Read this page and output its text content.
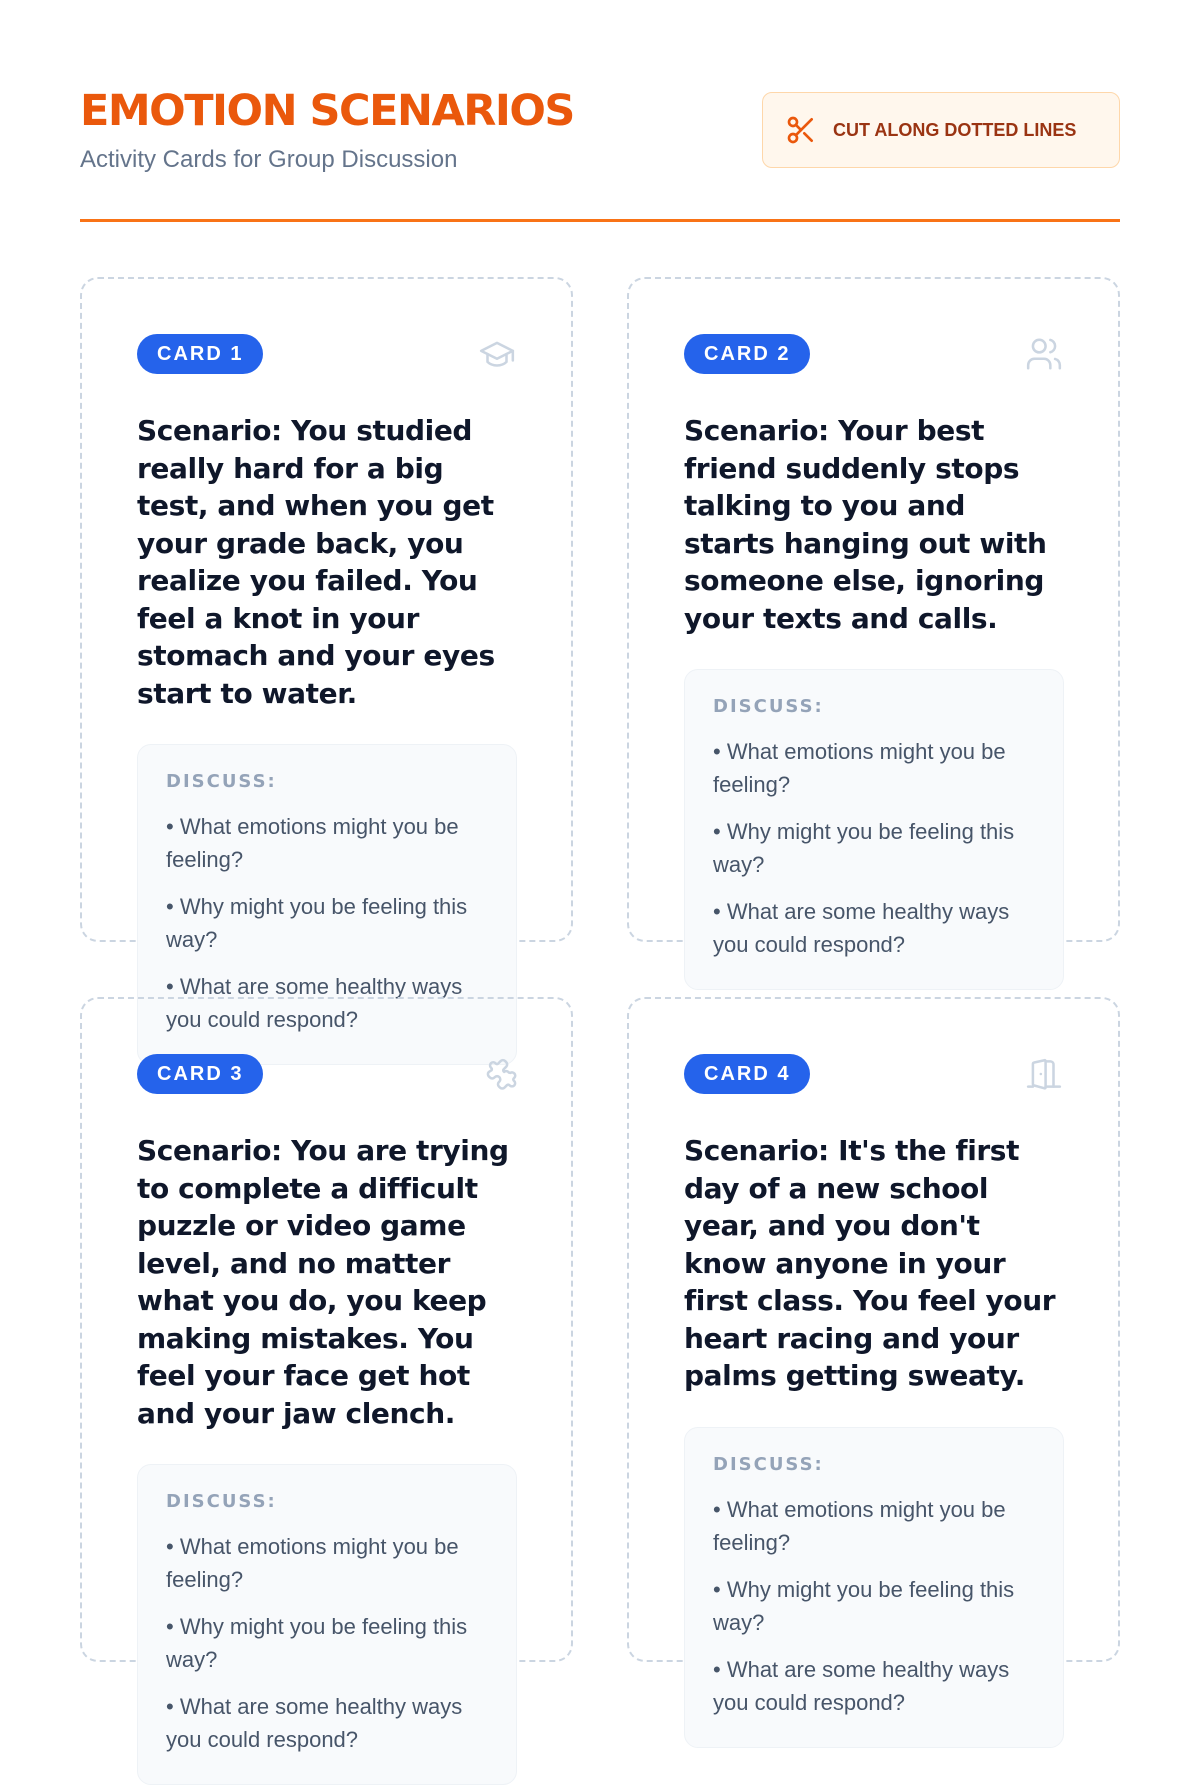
EMOTION SCENARIOS
Activity Cards for Group Discussion
CUT ALONG DOTTED LINES
CARD 1
Scenario: You studied really hard for a big test, and when you get your grade back, you realize you failed. You feel a knot in your stomach and your eyes start to water.
DISCUSS:
• What emotions might you be feeling?
• Why might you be feeling this way?
• What are some healthy ways you could respond?
CARD 2
Scenario: Your best friend suddenly stops talking to you and starts hanging out with someone else, ignoring your texts and calls.
DISCUSS:
• What emotions might you be feeling?
• Why might you be feeling this way?
• What are some healthy ways you could respond?
CARD 3
Scenario: You are trying to complete a difficult puzzle or video game level, and no matter what you do, you keep making mistakes. You feel your face get hot and your jaw clench.
DISCUSS:
• What emotions might you be feeling?
• Why might you be feeling this way?
• What are some healthy ways you could respond?
CARD 4
Scenario: It's the first day of a new school year, and you don't know anyone in your first class. You feel your heart racing and your palms getting sweaty.
DISCUSS:
• What emotions might you be feeling?
• Why might you be feeling this way?
• What are some healthy ways you could respond?
